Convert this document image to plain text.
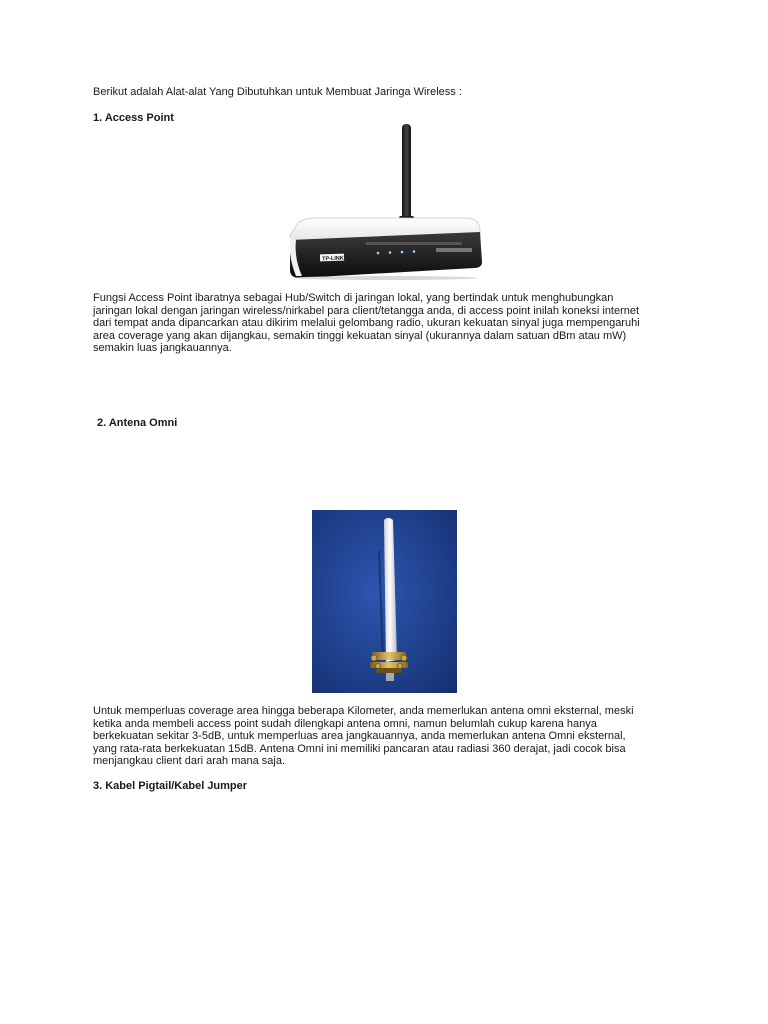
Berikut adalah Alat-alat Yang Dibutuhkan untuk Membuat Jaringa Wireless :
1. Access Point
TP-LINK
Fungsi Access Point ibaratnya sebagai Hub/Switch di jaringan lokal, yang bertindak untuk menghubungkan
jaringan lokal dengan jaringan wireless/nirkabel para client/tetangga anda, di access point inilah koneksi internet
dari tempat anda dipancarkan atau dikirim melalui gelombang radio, ukuran kekuatan sinyal juga mempengaruhi
area coverage yang akan dijangkau, semakin tinggi kekuatan sinyal (ukurannya dalam satuan dBm atau mW)
semakin luas jangkauannya.
2. Antena Omni
Untuk memperluas coverage area hingga beberapa Kilometer, anda memerlukan antena omni eksternal, meski
ketika anda membeli access point sudah dilengkapi antena omni, namun belumlah cukup karena hanya
berkekuatan sekitar 3-5dB, untuk memperluas area jangkauannya, anda memerlukan antena Omni eksternal,
yang rata-rata berkekuatan 15dB. Antena Omni ini memiliki pancaran atau radiasi 360 derajat, jadi cocok bisa
menjangkau client dari arah mana saja.
3. Kabel Pigtail/Kabel Jumper
